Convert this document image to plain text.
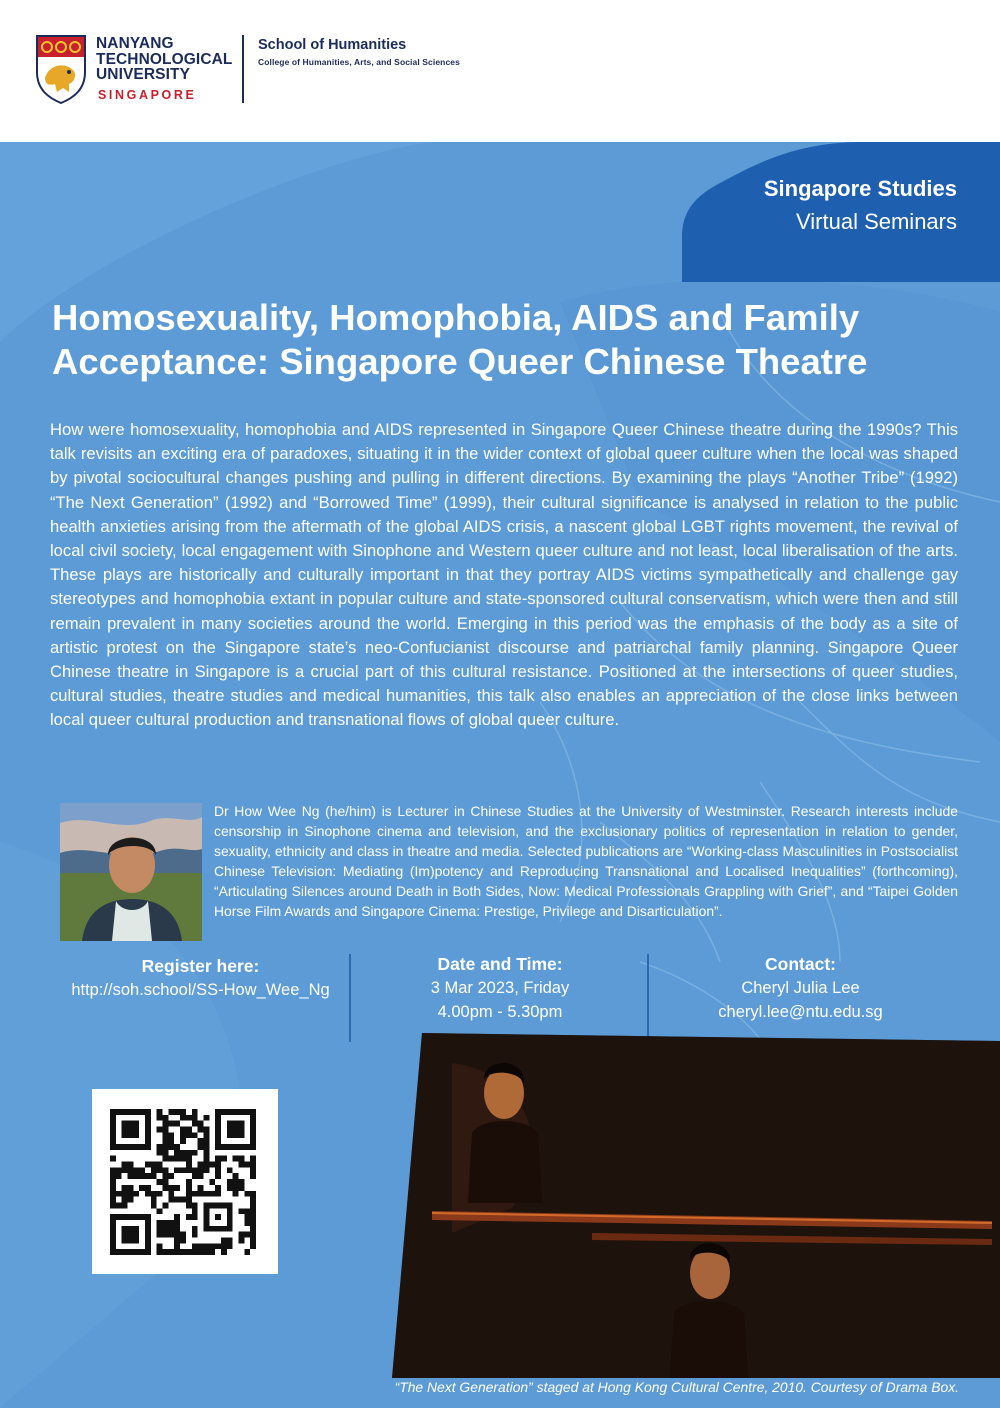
NANYANG
TECHNOLOGICAL
UNIVERSITY
SINGAPORE
School of Humanities
College of Humanities, Arts, and Social Sciences
Singapore Studies
Virtual Seminars
Homosexuality, Homophobia, AIDS and Family Acceptance: Singapore Queer Chinese Theatre

How were homosexuality, homophobia and AIDS represented in Singapore Queer Chinese theatre during the 1990s? This talk revisits an exciting era of paradoxes, situating it in the wider context of global queer culture when the local was shaped by pivotal sociocultural changes pushing and pulling in different directions. By examining the plays “Another Tribe” (1992) “The Next Generation” (1992) and “Borrowed Time” (1999), their cultural significance is analysed in relation to the public health anxieties arising from the aftermath of the global AIDS crisis, a nascent global LGBT rights movement, the revival of local civil society, local engagement with Sinophone and Western queer culture and not least, local liberalisation of the arts. These plays are historically and culturally important in that they portray AIDS victims sympathetically and challenge gay stereotypes and homophobia extant in popular culture and state-sponsored cultural conservatism, which were then and still remain prevalent in many societies around the world. Emerging in this period was the emphasis of the body as a site of artistic protest on the Singapore state’s neo-Confucianist discourse and patriarchal family planning. Singapore Queer Chinese theatre in Singapore is a crucial part of this cultural resistance. Positioned at the intersections of queer studies, cultural studies, theatre studies and medical humanities, this talk also enables an appreciation of the close links between local queer cultural production and transnational flows of global queer culture.

Dr How Wee Ng (he/him) is Lecturer in Chinese Studies at the University of Westminster. Research interests include censorship in Sinophone cinema and television, and the exclusionary politics of representation in relation to gender, sexuality, ethnicity and class in theatre and media. Selected publications are “Working-class Masculinities in Postsocialist Chinese Television: Mediating (Im)potency and Reproducing Transnational and Localised Inequalities” (forthcoming), “Articulating Silences around Death in Both Sides, Now: Medical Professionals Grappling with Grief”, and “Taipei Golden Horse Film Awards and Singapore Cinema: Prestige, Privilege and Disarticulation”.

Register here:
http://soh.school/SS-How_Wee_Ng
Date and Time:
3 Mar 2023, Friday
4.00pm - 5.30pm
Contact:
Cheryl Julia Lee
cheryl.lee@ntu.edu.sg
“The Next Generation” staged at Hong Kong Cultural Centre, 2010. Courtesy of Drama Box.
